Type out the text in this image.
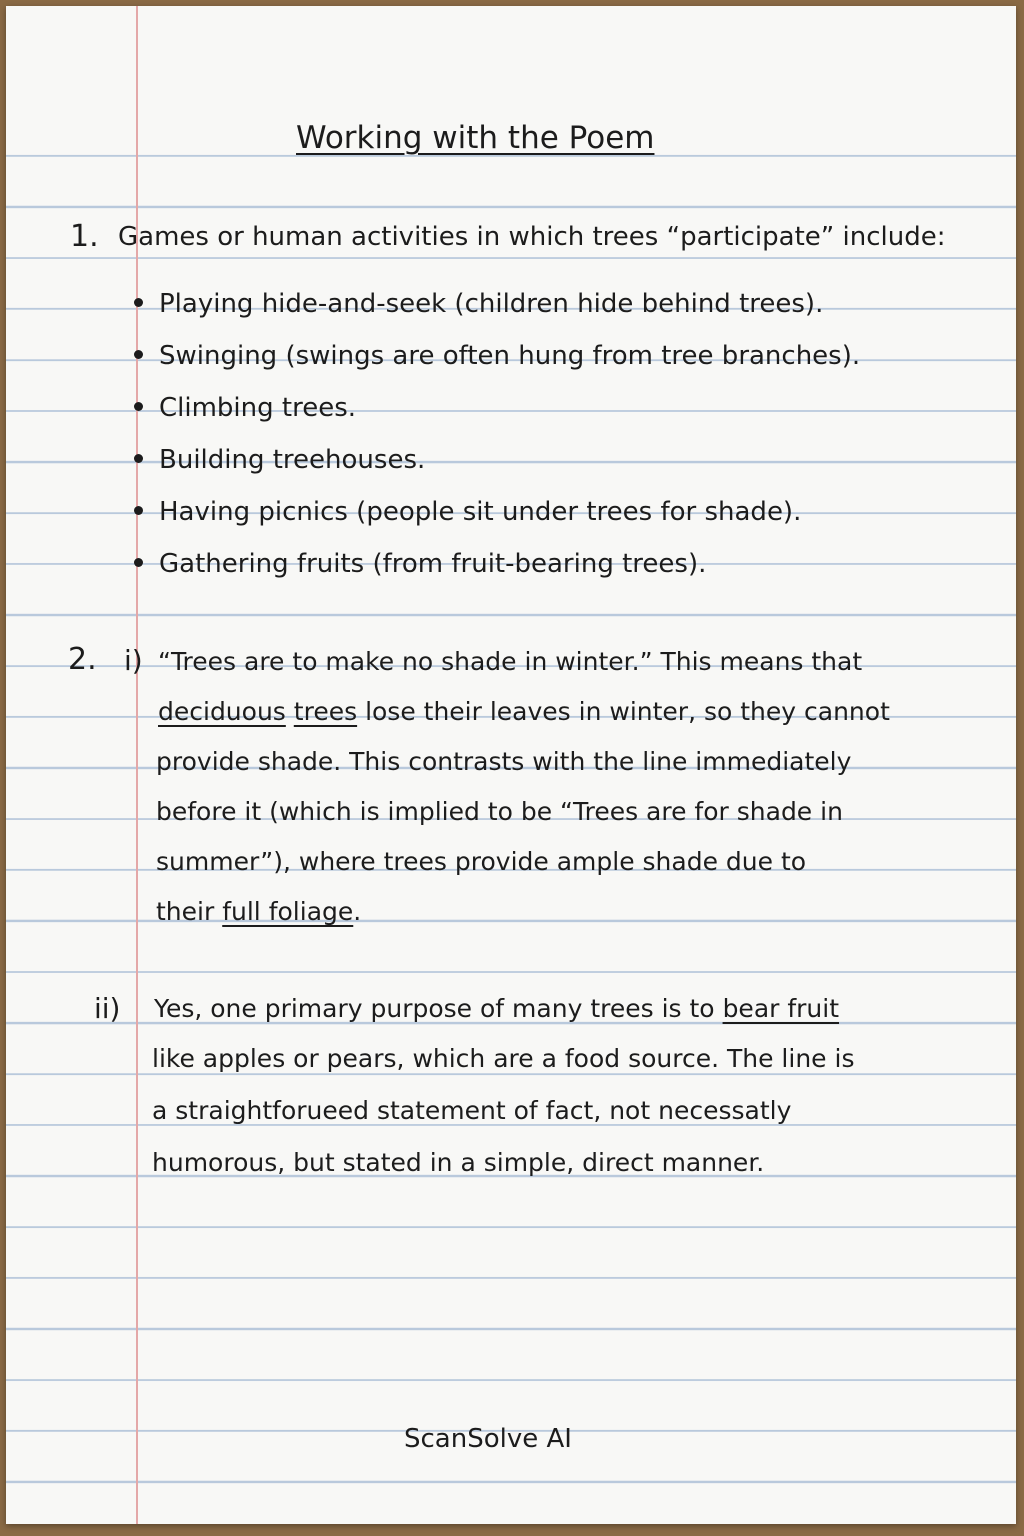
Working with the Poem
1. Games or human activities in which trees “participate” include:
Playing hide-and-seek (children hide behind trees).
Swinging (swings are often hung from tree branches).
Climbing trees.
Building treehouses.
Having picnics (people sit under trees for shade).
Gathering fruits (from fruit-bearing trees).
2. i) “Trees are to make no shade in winter.” This means that
deciduous trees lose their leaves in winter, so they cannot
provide shade. This contrasts with the line immediately
before it (which is implied to be “Trees are for shade in
summer”), where trees provide ample shade due to
their full foliage.
ii) Yes, one primary purpose of many trees is to bear fruit
like apples or pears, which are a food source. The line is
a straightforueed statement of fact, not necessatly
humorous, but stated in a simple, direct manner.
ScanSolve AI
